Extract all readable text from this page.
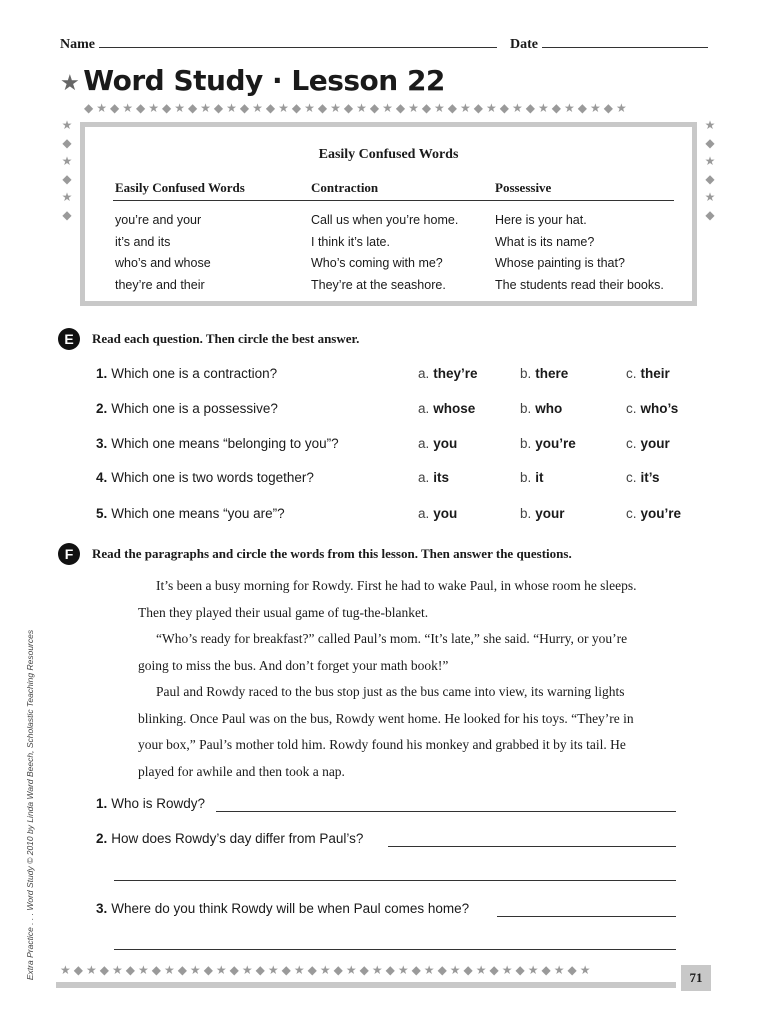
Name	Date
★ Word Study · Lesson 22
◆★◆★◆★◆★◆★◆★◆★◆★◆★◆★◆★◆★◆★◆★◆★◆★◆★◆★◆★◆★◆★
★
◆
★
◆
★
◆
★
◆
★
◆
★
◆
★◆★◆★◆★◆★◆★◆★◆★◆★◆★◆★◆★◆★◆★◆★◆★◆★◆★◆★◆★◆★
Easily Confused Words
Easily Confused Words	Contraction	Possessive
you’re and your	Call us when you’re home.	Here is your hat.
it’s and its	I think it’s late.	What is its name?
who’s and whose	Who’s coming with me?	Whose painting is that?
they’re and their	They’re at the seashore.	The students read their books.
E	Read each question. Then circle the best answer.
1. Which one is a contraction?	a. they’re	b. there	c. their
2. Which one is a possessive?	a. whose	b. who	c. who’s
3. Which one means “belonging to you”?	a. you	b. you’re	c. your
4. Which one is two words together?	a. its	b. it	c. it’s
5. Which one means “you are”?	a. you	b. your	c. you’re
F	Read the paragraphs and circle the words from this lesson. Then answer the questions.

It’s been a busy morning for Rowdy. First he had to wake Paul, in whose room he sleeps. Then they played their usual game of tug-the-blanket.

“Who’s ready for breakfast?” called Paul’s mom. “It’s late,” she said. “Hurry, or you’re going to miss the bus. And don’t forget your math book!”

Paul and Rowdy raced to the bus stop just as the bus came into view, its warning lights blinking. Once Paul was on the bus, Rowdy went home. He looked for his toys. “They’re in your box,” Paul’s mother told him. Rowdy found his monkey and grabbed it by its tail. He played for awhile and then took a nap.

1. Who is Rowdy?
2. How does Rowdy’s day differ from Paul’s?
3. Where do you think Rowdy will be when Paul comes home?
Extra Practice . . . Word Study © 2010 by Linda Ward Beech, Scholastic Teaching Resources	71
